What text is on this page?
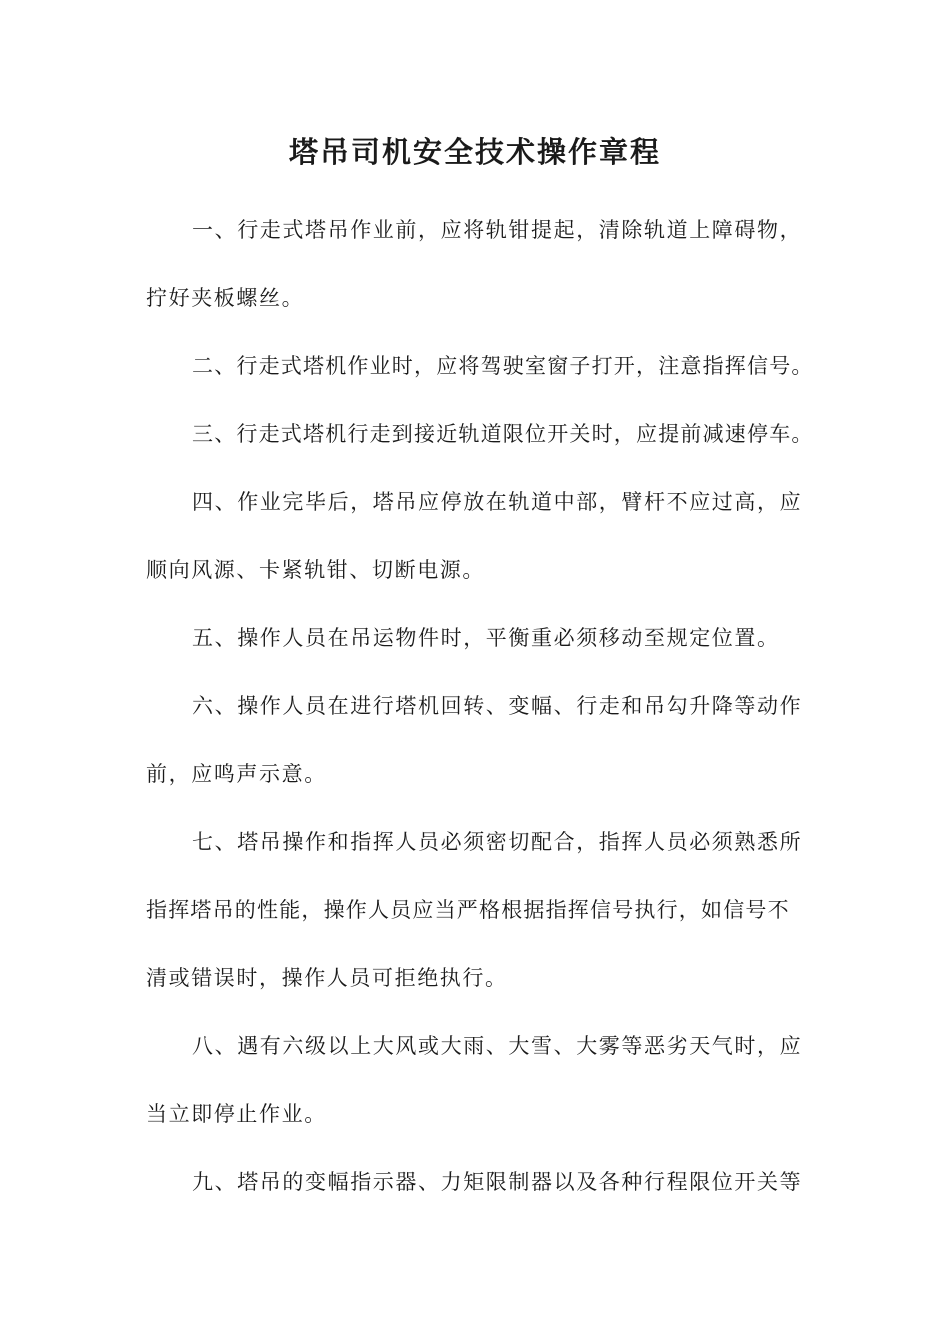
塔吊司机安全技术操作章程

一、行走式塔吊作业前，应将轨钳提起，清除轨道上障碍物，
拧好夹板螺丝。

二、行走式塔机作业时，应将驾驶室窗子打开，注意指挥信号。

三、行走式塔机行走到接近轨道限位开关时，应提前减速停车。

四、作业完毕后，塔吊应停放在轨道中部，臂杆不应过高，应
顺向风源、卡紧轨钳、切断电源。

五、操作人员在吊运物件时，平衡重必须移动至规定位置。

六、操作人员在进行塔机回转、变幅、行走和吊勾升降等动作
前，应鸣声示意。

七、塔吊操作和指挥人员必须密切配合，指挥人员必须熟悉所
指挥塔吊的性能，操作人员应当严格根据指挥信号执行，如信号不
清或错误时，操作人员可拒绝执行。

八、遇有六级以上大风或大雨、大雪、大雾等恶劣天气时，应
当立即停止作业。

九、塔吊的变幅指示器、力矩限制器以及各种行程限位开关等
